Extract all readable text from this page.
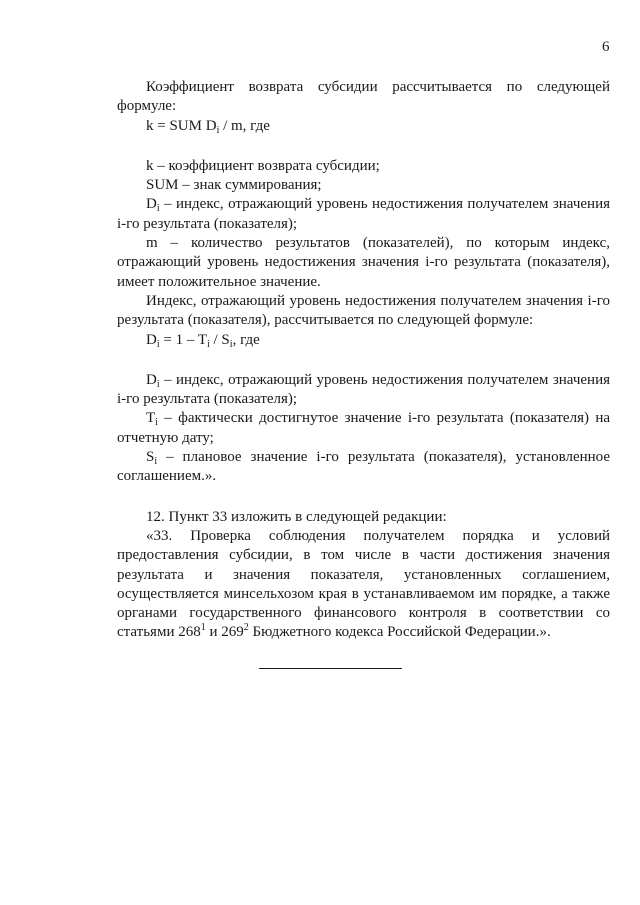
6

Коэффициент возврата субсидии рассчитывается по следующей формуле:

k = SUM $D_i$ / m, где

k – коэффициент возврата субсидии;

SUM – знак суммирования;

$D_i$ – индекс, отражающий уровень недостижения получателем значения i-го результата (показателя);

m – количество результатов (показателей), по которым индекс, отражающий уровень недостижения значения i-го результата (показателя), имеет положительное значение.

Индекс, отражающий уровень недостижения получателем значения i-го результата (показателя), рассчитывается по следующей формуле:

$D_i = 1 - T_i / S_i$, где

$D_i$ – индекс, отражающий уровень недостижения получателем значения i-го результата (показателя);

$T_i$ – фактически достигнутое значение i-го результата (показателя) на отчетную дату;

$S_i$ – плановое значение i-го результата (показателя), установленное соглашением.».

12. Пункт 33 изложить в следующей редакции:

«33. Проверка соблюдения получателем порядка и условий предоставления субсидии, в том числе в части достижения значения результата и значения показателя, установленных соглашением, осуществляется минсельхозом края в устанавливаемом им порядке, а также органами государственного финансового контроля в соответствии со статьями $268^1$ и $269^2$ Бюджетного кодекса Российской Федерации.».
